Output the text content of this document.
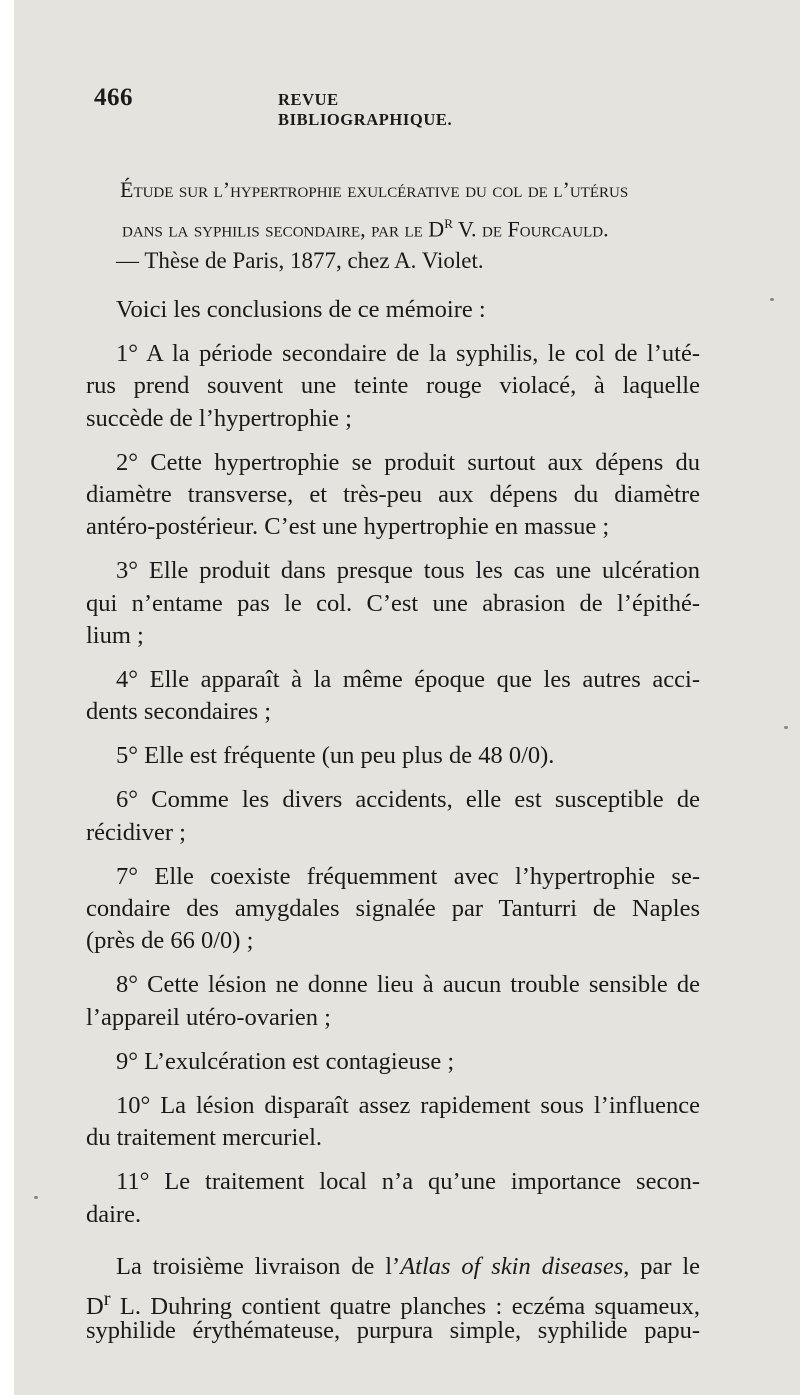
466	REVUE BIBLIOGRAPHIQUE.
Étude sur l’hypertrophie exulcérative du col de l’utérus
dans la syphilis secondaire, par le $D^r$ V. de Fourcauld.
— Thèse de Paris, 1877, chez A. Violet.
Voici les conclusions de ce mémoire :
1° A la période secondaire de la syphilis, le col de l’uté-
rus prend souvent une teinte rouge violacé, à laquelle
succède de l’hypertrophie ;
2° Cette hypertrophie se produit surtout aux dépens du
diamètre transverse, et très-peu aux dépens du diamètre
antéro-postérieur. C’est une hypertrophie en massue ;
3° Elle produit dans presque tous les cas une ulcération
qui n’entame pas le col. C’est une abrasion de l’épithé-
lium ;
4° Elle apparaît à la même époque que les autres acci-
dents secondaires ;
5° Elle est fréquente (un peu plus de 48 0/0).
6° Comme les divers accidents, elle est susceptible de
récidiver ;
7° Elle coexiste fréquemment avec l’hypertrophie se-
condaire des amygdales signalée par Tanturri de Naples
(près de 66 0/0) ;
8° Cette lésion ne donne lieu à aucun trouble sensible de
l’appareil utéro-ovarien ;
9° L’exulcération est contagieuse ;
10° La lésion disparaît assez rapidement sous l’influence
du traitement mercuriel.
11° Le traitement local n’a qu’une importance secon-
daire.
La troisième livraison de l’Atlas of skin diseases, par le
$D^r$ L. Duhring contient quatre planches : eczéma squameux,
syphilide érythémateuse, purpura simple, syphilide papu-
